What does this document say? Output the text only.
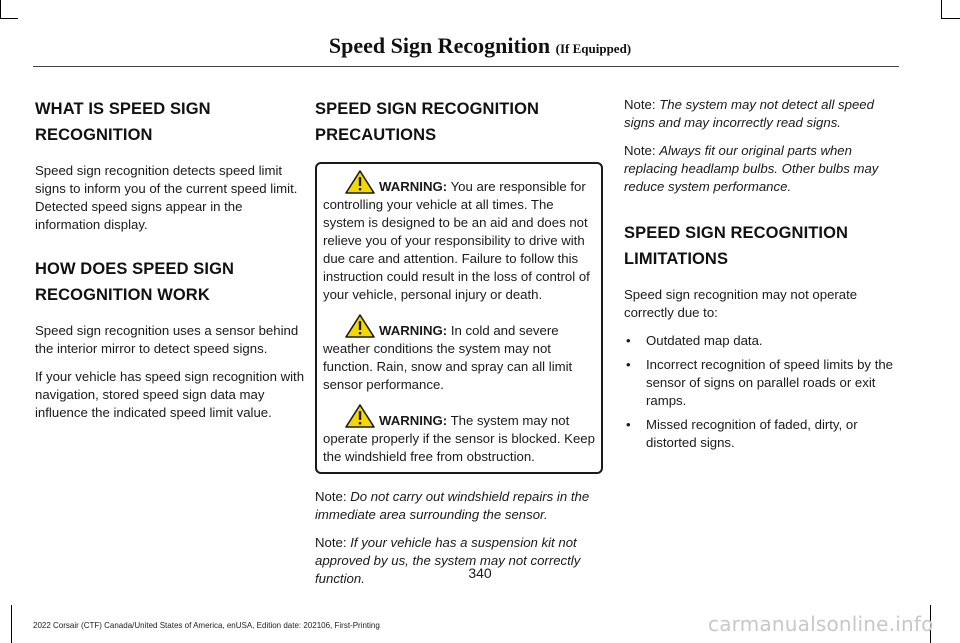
Speed Sign Recognition (If Equipped)
WHAT IS SPEED SIGN
RECOGNITION

Speed sign recognition detects speed limit signs to inform you of the current speed limit. Detected speed signs appear in the information display.

HOW DOES SPEED SIGN
RECOGNITION WORK

Speed sign recognition uses a sensor behind the interior mirror to detect speed signs.

If your vehicle has speed sign recognition with navigation, stored speed sign data may influence the indicated speed limit value.

SPEED SIGN RECOGNITION
PRECAUTIONS

WARNING: You are responsible for controlling your vehicle at all times. The system is designed to be an aid and does not relieve you of your responsibility to drive with due care and attention. Failure to follow this instruction could result in the loss of control of your vehicle, personal injury or death.

WARNING: In cold and severe weather conditions the system may not function. Rain, snow and spray can all limit sensor performance.

WARNING: The system may not operate properly if the sensor is blocked. Keep the windshield free from obstruction.

Note: Do not carry out windshield repairs in the immediate area surrounding the sensor.

Note: If your vehicle has a suspension kit not approved by us, the system may not correctly function.

Note: The system may not detect all speed signs and may incorrectly read signs.

Note: Always fit our original parts when replacing headlamp bulbs. Other bulbs may reduce system performance.

SPEED SIGN RECOGNITION
LIMITATIONS

Speed sign recognition may not operate correctly due to:

• Outdated map data.
• Incorrect recognition of speed limits by the sensor of signs on parallel roads or exit ramps.
• Missed recognition of faded, dirty, or distorted signs.
340
2022 Corsair (CTF) Canada/United States of America, enUSA, Edition date: 202106, First-Printing	carmanualsonline.info
